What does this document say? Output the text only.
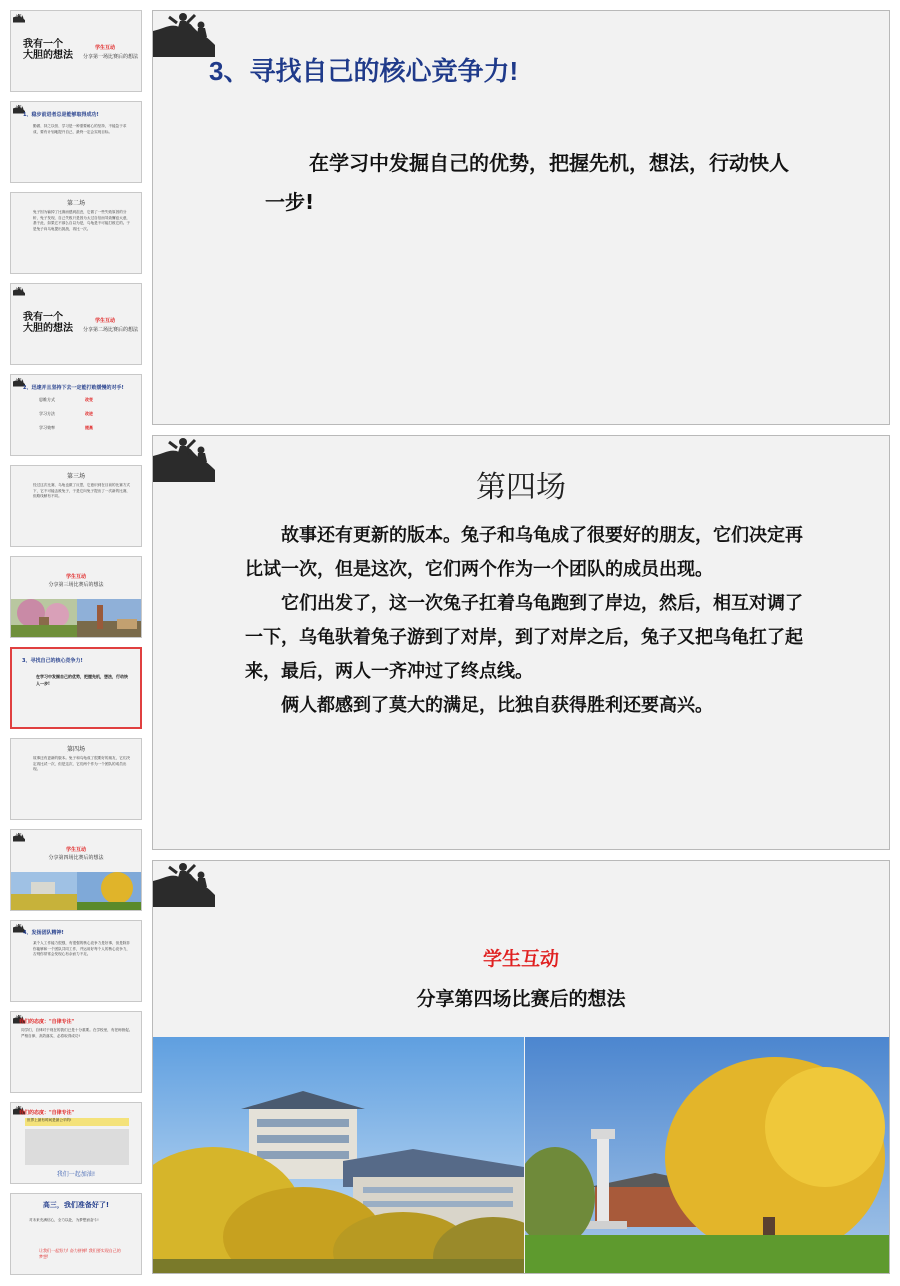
我有一个
大胆的想法
学生互动
分享第一场比赛后的想法
1、稳步前进者总是能够取得成功!
勤做、持之以恒、学习是一种需要耐心的坚持，不能急于求成，要有计划地提升自己，最终一定会实现目标。
第二场
兔子因为输掉了比赛而感到沮丧，它做了一些失败原因的分析，兔子发现，自己失败只是因为太过自信而导致懈怠大意，基于此，如果它不那么自以为是，乌龟是不可能打败它的。于是兔子向乌龟提出挑战，再比一次。
我有一个
大胆的想法
学生互动
分享第二场比赛后的想法
2、迅速并且坚持下去一定能打败缓慢的对手!
思维方式	改变
学习方法	改进
学习效率	提高
第三场
经过这次比赛，乌龟也做了反思，它意识到在目前的比赛方式下，它不可能击败兔子，于是它向兔子提出了一次新的比赛，但路线稍有不同。
学生互动
分享第三场比赛后的想法
3、寻找自己的核心竞争力!
在学习中发掘自己的优势，把握先机，想法，行动快人一步!
第四场
故事还有更新的版本。兔子和乌龟成了很要好的朋友，它们决定再比试一次，但是这次，它们两个作为一个团队的成员出现。
学生互动
分享第四场比赛后的想法
4、发扬团队精神!
某个人工作能力很强，有很强的核心竞争力是好事，但是除非你能够和一个团队共同工作，并运用好每个人的核心竞争力，否则你常常会发现心有余而力不足。
我们的态度："自律专注"
同学们，自律对于现在的我们已是十分重要。在学校里，有老师督促。严格自律，高效落实，必将取得成功!
我们的态度："自律专注"
世界上最有时间是最公平的!
我们一起加油!
高三，我们准备好了!
对未来充满信心，全力以赴，为梦想而奋斗!
让我们一起努力! 奋力拼搏! 我们要实现自己的梦想!
3、寻找自己的核心竞争力!
在学习中发掘自己的优势，把握先机，想法，行动快人一步!
第四场
故事还有更新的版本。兔子和乌龟成了很要好的朋友，它们决定再比试一次，但是这次，它们两个作为一个团队的成员出现。
它们出发了，这一次兔子扛着乌龟跑到了岸边，然后，相互对调了一下，乌龟驮着兔子游到了对岸，到了对岸之后，兔子又把乌龟扛了起来，最后，两人一齐冲过了终点线。
俩人都感到了莫大的满足，比独自获得胜利还要高兴。
学生互动
分享第四场比赛后的想法
